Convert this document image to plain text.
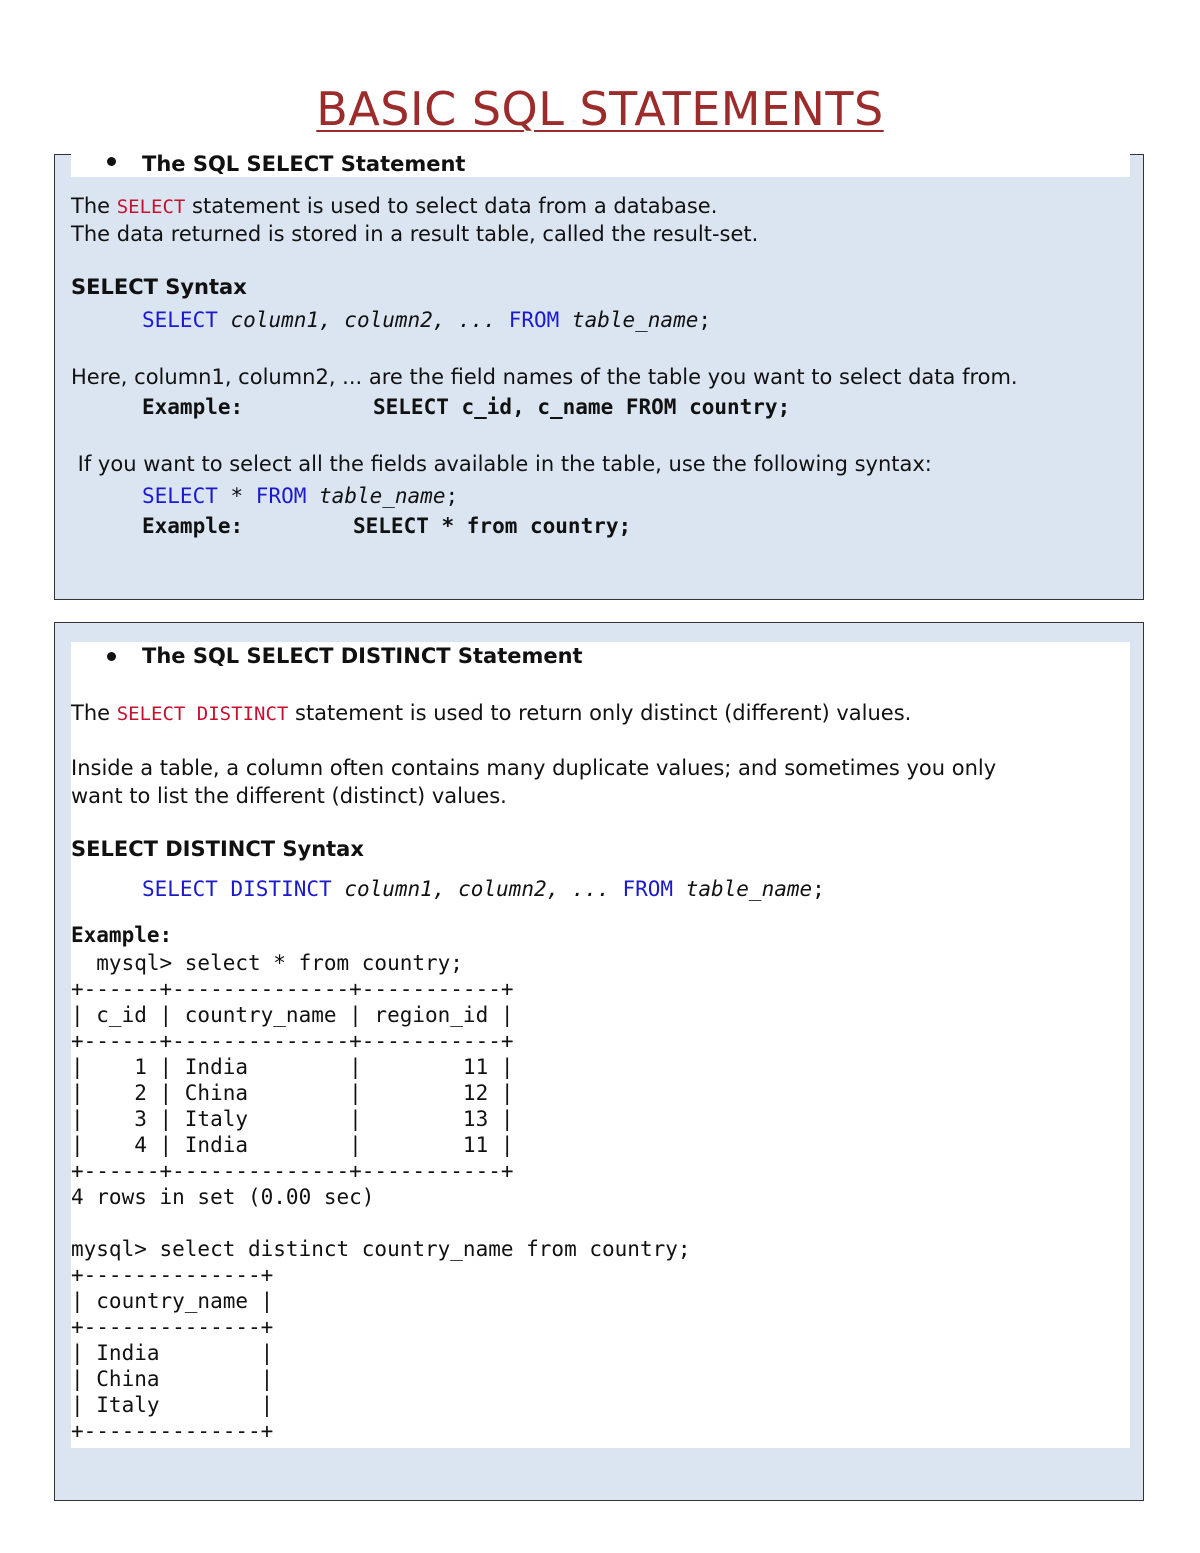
BASIC SQL STATEMENTS
The SQL SELECT Statement
The SELECT statement is used to select data from a database.
The data returned is stored in a result table, called the result-set.
SELECT Syntax
SELECT column1, column2, ... FROM table_name;
Here, column1, column2, ... are the field names of the table you want to select data from.
Example:	SELECT c_id, c_name FROM country;
If you want to select all the fields available in the table, use the following syntax:
SELECT * FROM table_name;
Example:	SELECT * from country;
The SQL SELECT DISTINCT Statement
The SELECT DISTINCT statement is used to return only distinct (different) values.
Inside a table, a column often contains many duplicate values; and sometimes you only
want to list the different (distinct) values.
SELECT DISTINCT Syntax
SELECT DISTINCT column1, column2, ... FROM table_name;
Example:
mysql> select * from country;
+------+--------------+-----------+
| c_id | country_name | region_id |
+------+--------------+-----------+
|    1 | India        |        11 |
|    2 | China        |        12 |
|    3 | Italy        |        13 |
|    4 | India        |        11 |
+------+--------------+-----------+
4 rows in set (0.00 sec)

mysql> select distinct country_name from country;
+--------------+
| country_name |
+--------------+
| India        |
| China        |
| Italy        |
+--------------+
